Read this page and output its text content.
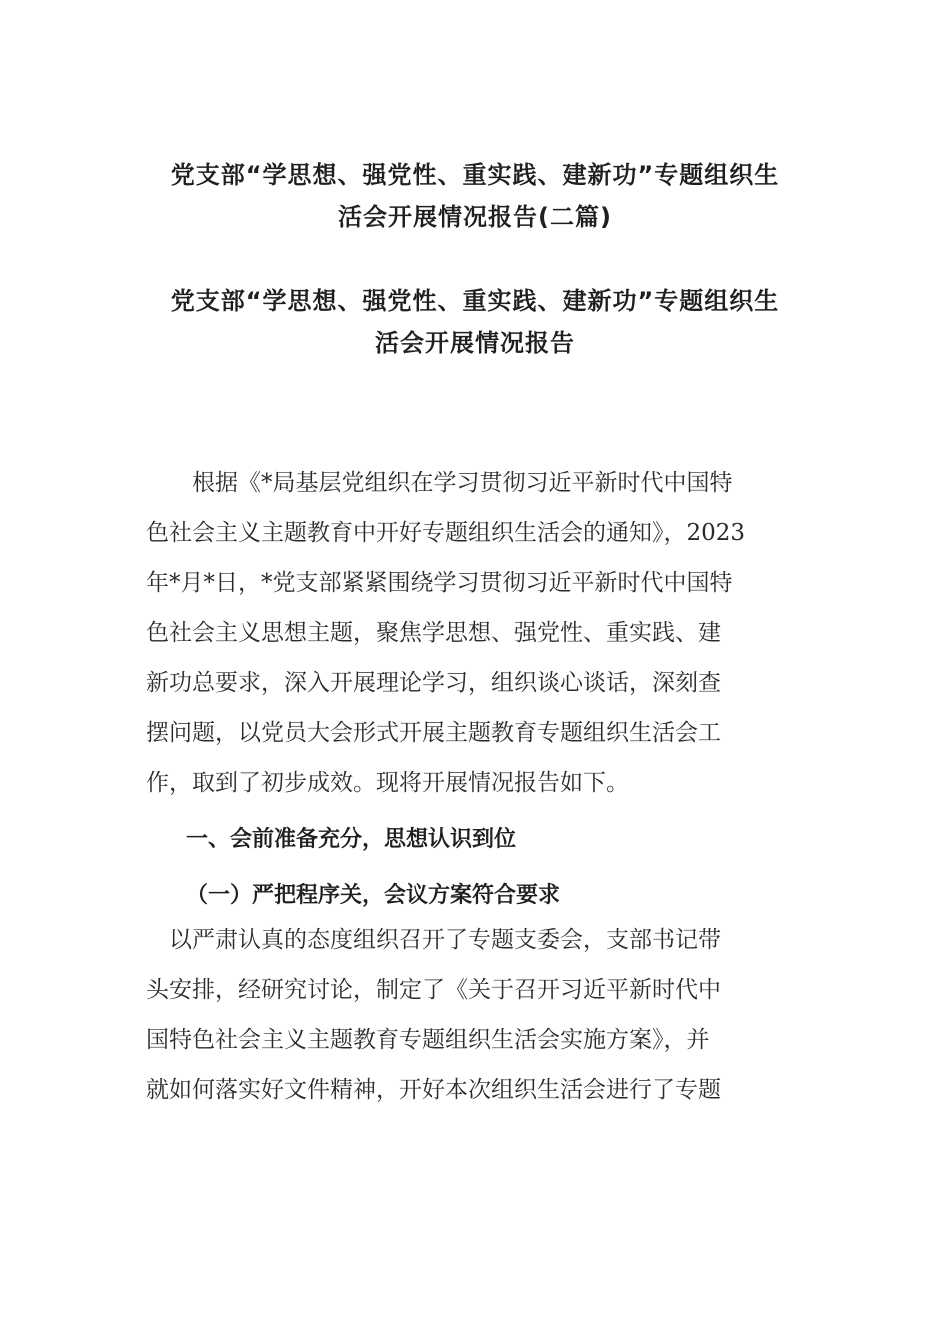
党支部“学思想、强党性、重实践、建新功”专题组织生
活会开展情况报告(二篇)
党支部“学思想、强党性、重实践、建新功”专题组织生
活会开展情况报告
　　根据《*局基层党组织在学习贯彻习近平新时代中国特
色社会主义主题教育中开好专题组织生活会的通知》，2023
年*月*日，*党支部紧紧围绕学习贯彻习近平新时代中国特
色社会主义思想主题，聚焦学思想、强党性、重实践、建
新功总要求，深入开展理论学习，组织谈心谈话，深刻查
摆问题，以党员大会形式开展主题教育专题组织生活会工
作，取到了初步成效。现将开展情况报告如下。
一、会前准备充分，思想认识到位
（一）严把程序关，会议方案符合要求
　以严肃认真的态度组织召开了专题支委会，支部书记带
头安排，经研究讨论，制定了《关于召开习近平新时代中
国特色社会主义主题教育专题组织生活会实施方案》，并
就如何落实好文件精神，开好本次组织生活会进行了专题
